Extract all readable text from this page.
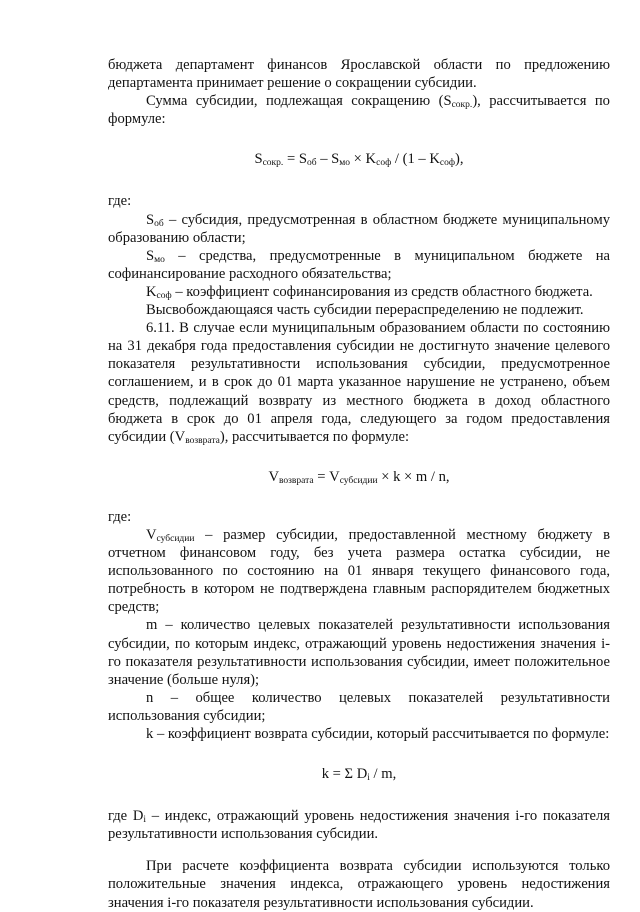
бюджета департамент финансов Ярославской области по предложению департамента принимает решение о сокращении субсидии.

Сумма субсидии, подлежащая сокращению $(S_{сокр.})$, рассчитывается по формуле:

$S_{сокр.} = S_{об} - S_{мо} \times K_{соф} / (1 - K_{соф})$,

где:

$S_{об}$ – субсидия, предусмотренная в областном бюджете муниципальному образованию области;

$S_{мо}$ – средства, предусмотренные в муниципальном бюджете на софинансирование расходного обязательства;

$K_{соф}$ – коэффициент софинансирования из средств областного бюджета.

Высвобождающаяся часть субсидии перераспределению не подлежит.

6.11. В случае если муниципальным образованием области по состоянию на 31 декабря года предоставления субсидии не достигнуто значение целевого показателя результативности использования субсидии, предусмотренное соглашением, и в срок до 01 марта указанное нарушение не устранено, объем средств, подлежащий возврату из местного бюджета в доход областного бюджета в срок до 01 апреля года, следующего за годом предоставления субсидии $(V_{возврата})$, рассчитывается по формуле:

$V_{возврата} = V_{субсидии} \times k \times m / n$,

где:

$V_{субсидии}$ – размер субсидии, предоставленной местному бюджету в отчетном финансовом году, без учета размера остатка субсидии, не использованного по состоянию на 01 января текущего финансового года, потребность в котором не подтверждена главным распорядителем бюджетных средств;

m – количество целевых показателей результативности использования субсидии, по которым индекс, отражающий уровень недостижения значения i-го показателя результативности использования субсидии, имеет положительное значение (больше нуля);

n – общее количество целевых показателей результативности использования субсидии;

k – коэффициент возврата субсидии, который рассчитывается по формуле:

k = Σ $D_i$ / m,

где $D_i$ – индекс, отражающий уровень недостижения значения i-го показателя результативности использования субсидии.

При расчете коэффициента возврата субсидии используются только положительные значения индекса, отражающего уровень недостижения значения i-го показателя результативности использования субсидии.
